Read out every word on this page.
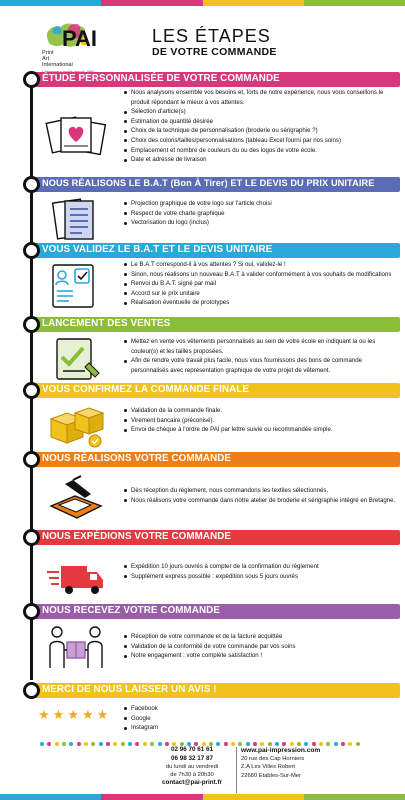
PAI
Print
Art
International
LES ÉTAPES
DE VOTRE COMMANDE
ÉTUDE PERSONNALISÉE DE VOTRE COMMANDE
Nous analysons ensemble vos besoins et, forts de notre expérience, nous vous conseillons le produit répondant le mieux à vos attentes.
Sélection d'article(s)
Estimation de quantité désirée
Choix de la technique de personnalisation (broderie ou sérigraphie ?)
Choix des coloris/tailles/personnalisations (tableau Excel fourni par nos soins)
Emplacement et nombre de couleurs du ou des logos de votre école.
Date et adresse de livraison
NOUS RÉALISONS LE B.A.T (Bon À Tirer) ET LE DEVIS DU PRIX UNITAIRE
Projection graphique de votre logo sur l'article choisi
Respect de votre charte graphique
Vectorisation du logo (inclus)
VOUS VALIDEZ LE B.A.T ET LE DEVIS UNITAIRE
Le B.A.T correspond-il à vos attentes ? Si oui, validez-le !
Sinon, nous réalisons un nouveau B.A.T à valider conformément à vos souhaits de modifications
Renvoi du B.A.T. signé par mail
Accord sur le prix unitaire
Réalisation éventuelle de prototypes
LANCEMENT DES VENTES
Mettez en vente vos vêtements personnalisés au sein de votre école en indiquant la ou les couleur(s) et les tailles proposées.
Afin de rendre votre travail plus facile, nous vous fournissons des bons de commande personnalisés avec représentation graphique de votre projet de vêtement.
VOUS CONFIRMEZ LA COMMANDE FINALE
Validation de la commande finale.
Virement bancaire (préconisé).
Envoi de chèque à l'ordre de PAI par lettre suivie ou recommandée simple.
NOUS RÉALISONS VOTRE COMMANDE
Dès réception du règlement, nous commandons les textiles sélectionnés.
Nous réalisons votre commande dans notre atelier de broderie et sérigraphie intégré en Bretagne.
NOUS EXPÉDIONS VOTRE COMMANDE
Expédition 10 jours ouvrés à compter de la confirmation du règlement
Supplément express possible : expédition sous 5 jours ouvrés
NOUS RECEVEZ VOTRE COMMANDE
Réception de votre commande et de la facture acquittée
Validation de la conformité de votre commande par vos soins
Notre engagement : votre complète satisfaction !
MERCI DE NOUS LAISSER UN AVIS !
Facebook
Google
Instagram
★ ★ ★ ★ ★
02 96 70 61 61
06 98 32 17 87
du lundi au vendredi
de 7h30 à 20h30
contact@pai-print.fr
www.pai-impression.com
20 rue des Cap Horniers
Z.A Les Villes Robert
22680 Etables-Sur-Mer
